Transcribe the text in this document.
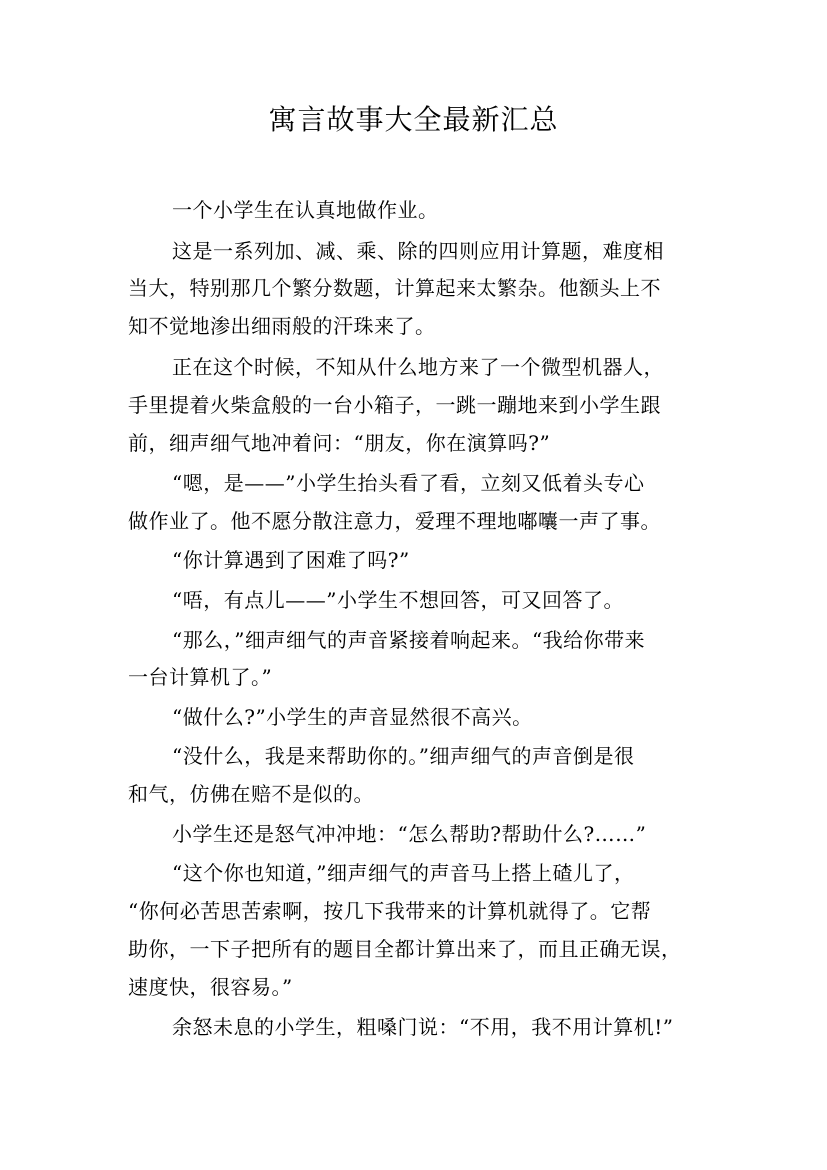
寓言故事大全最新汇总
一个小学生在认真地做作业。
这是一系列加、减、乘、除的四则应用计算题，难度相
当大，特别那几个繁分数题，计算起来太繁杂。他额头上不
知不觉地渗出细雨般的汗珠来了。
正在这个时候，不知从什么地方来了一个微型机器人，
手里提着火柴盒般的一台小箱子，一跳一蹦地来到小学生跟
前，细声细气地冲着问：“朋友，你在演算吗?”
“嗯，是——”小学生抬头看了看，立刻又低着头专心
做作业了。他不愿分散注意力，爱理不理地嘟囔一声了事。
“你计算遇到了困难了吗?”
“唔，有点儿——”小学生不想回答，可又回答了。
“那么，”细声细气的声音紧接着响起来。“我给你带来
一台计算机了。”
“做什么?”小学生的声音显然很不高兴。
“没什么，我是来帮助你的。”细声细气的声音倒是很
和气，仿佛在赔不是似的。
小学生还是怒气冲冲地：“怎么帮助?帮助什么?……”
“这个你也知道，”细声细气的声音马上搭上碴儿了，
“你何必苦思苦索啊，按几下我带来的计算机就得了。它帮
助你，一下子把所有的题目全都计算出来了，而且正确无误，
速度快，很容易。”
余怒未息的小学生，粗嗓门说：“不用，我不用计算机!”
